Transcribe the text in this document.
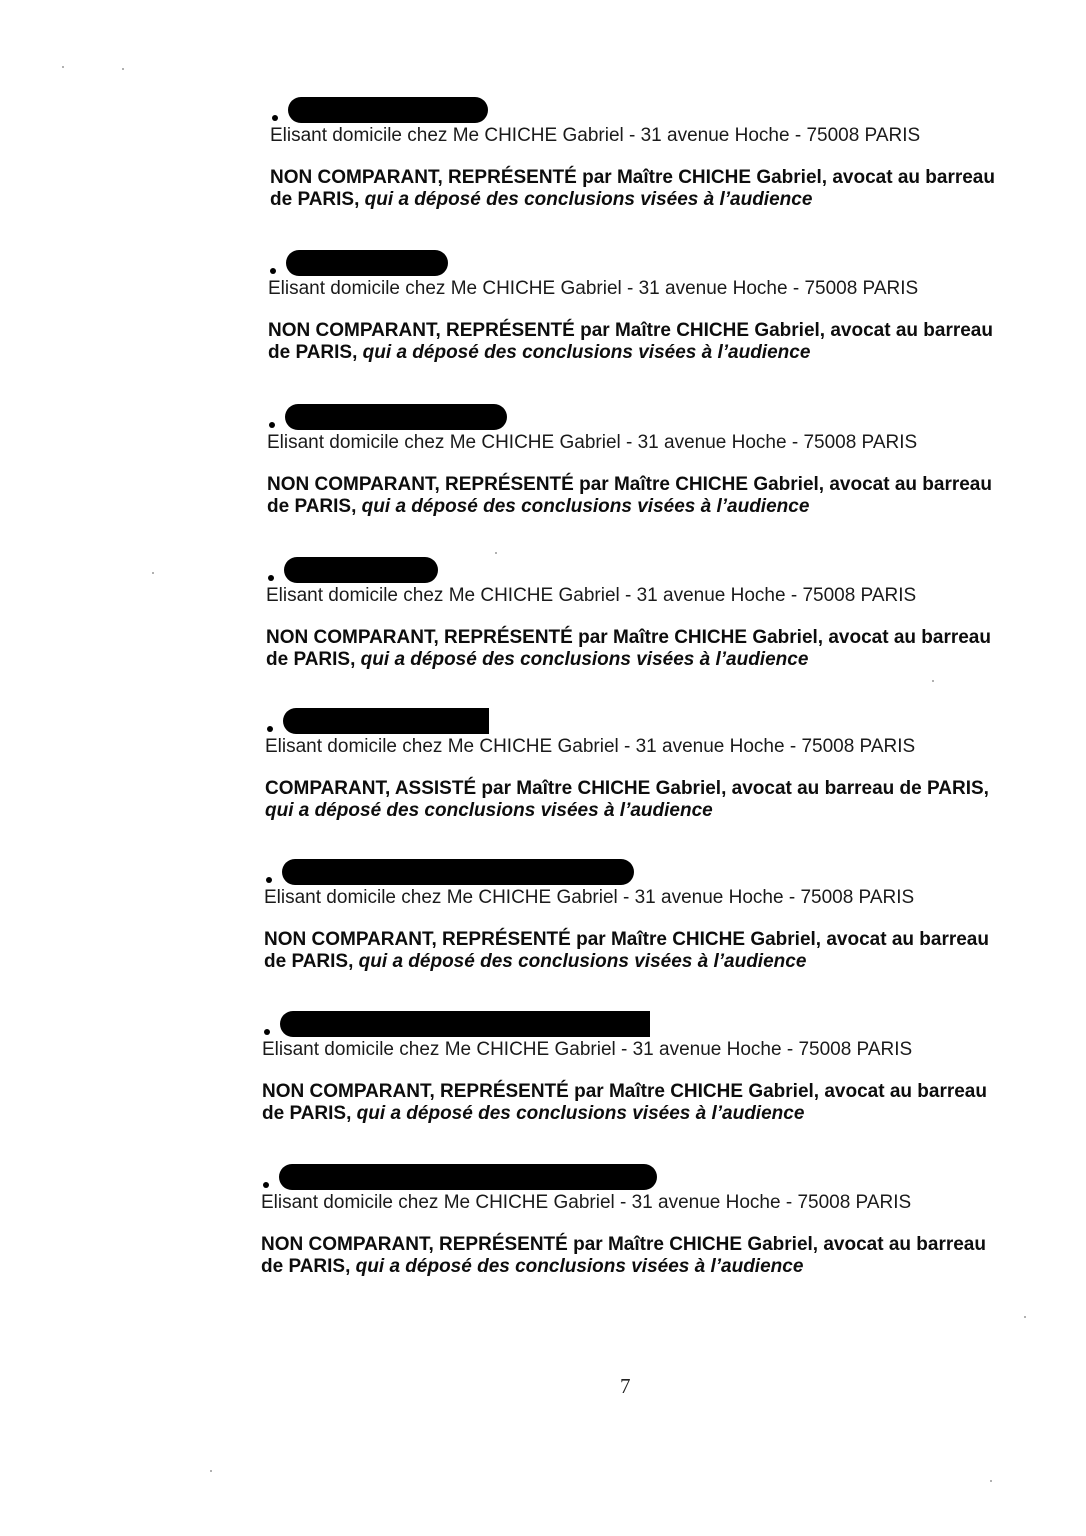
Elisant domicile chez Me CHICHE Gabriel - 31 avenue Hoche - 75008 PARIS
NON COMPARANT, REPRÉSENTÉ par Maître CHICHE Gabriel, avocat au barreau de PARIS, qui a déposé des conclusions visées à l’audience
Elisant domicile chez Me CHICHE Gabriel - 31 avenue Hoche - 75008 PARIS
NON COMPARANT, REPRÉSENTÉ par Maître CHICHE Gabriel, avocat au barreau de PARIS, qui a déposé des conclusions visées à l’audience
Elisant domicile chez Me CHICHE Gabriel - 31 avenue Hoche - 75008 PARIS
NON COMPARANT, REPRÉSENTÉ par Maître CHICHE Gabriel, avocat au barreau de PARIS, qui a déposé des conclusions visées à l’audience
Elisant domicile chez Me CHICHE Gabriel - 31 avenue Hoche - 75008 PARIS
NON COMPARANT, REPRÉSENTÉ par Maître CHICHE Gabriel, avocat au barreau de PARIS, qui a déposé des conclusions visées à l’audience
Elisant domicile chez Me CHICHE Gabriel - 31 avenue Hoche - 75008 PARIS
COMPARANT, ASSISTÉ par Maître CHICHE Gabriel, avocat au barreau de PARIS, qui a déposé des conclusions visées à l’audience
Elisant domicile chez Me CHICHE Gabriel - 31 avenue Hoche - 75008 PARIS
NON COMPARANT, REPRÉSENTÉ par Maître CHICHE Gabriel, avocat au barreau de PARIS, qui a déposé des conclusions visées à l’audience
Elisant domicile chez Me CHICHE Gabriel - 31 avenue Hoche - 75008 PARIS
NON COMPARANT, REPRÉSENTÉ par Maître CHICHE Gabriel, avocat au barreau de PARIS, qui a déposé des conclusions visées à l’audience
Elisant domicile chez Me CHICHE Gabriel - 31 avenue Hoche - 75008 PARIS
NON COMPARANT, REPRÉSENTÉ par Maître CHICHE Gabriel, avocat au barreau de PARIS, qui a déposé des conclusions visées à l’audience
7
